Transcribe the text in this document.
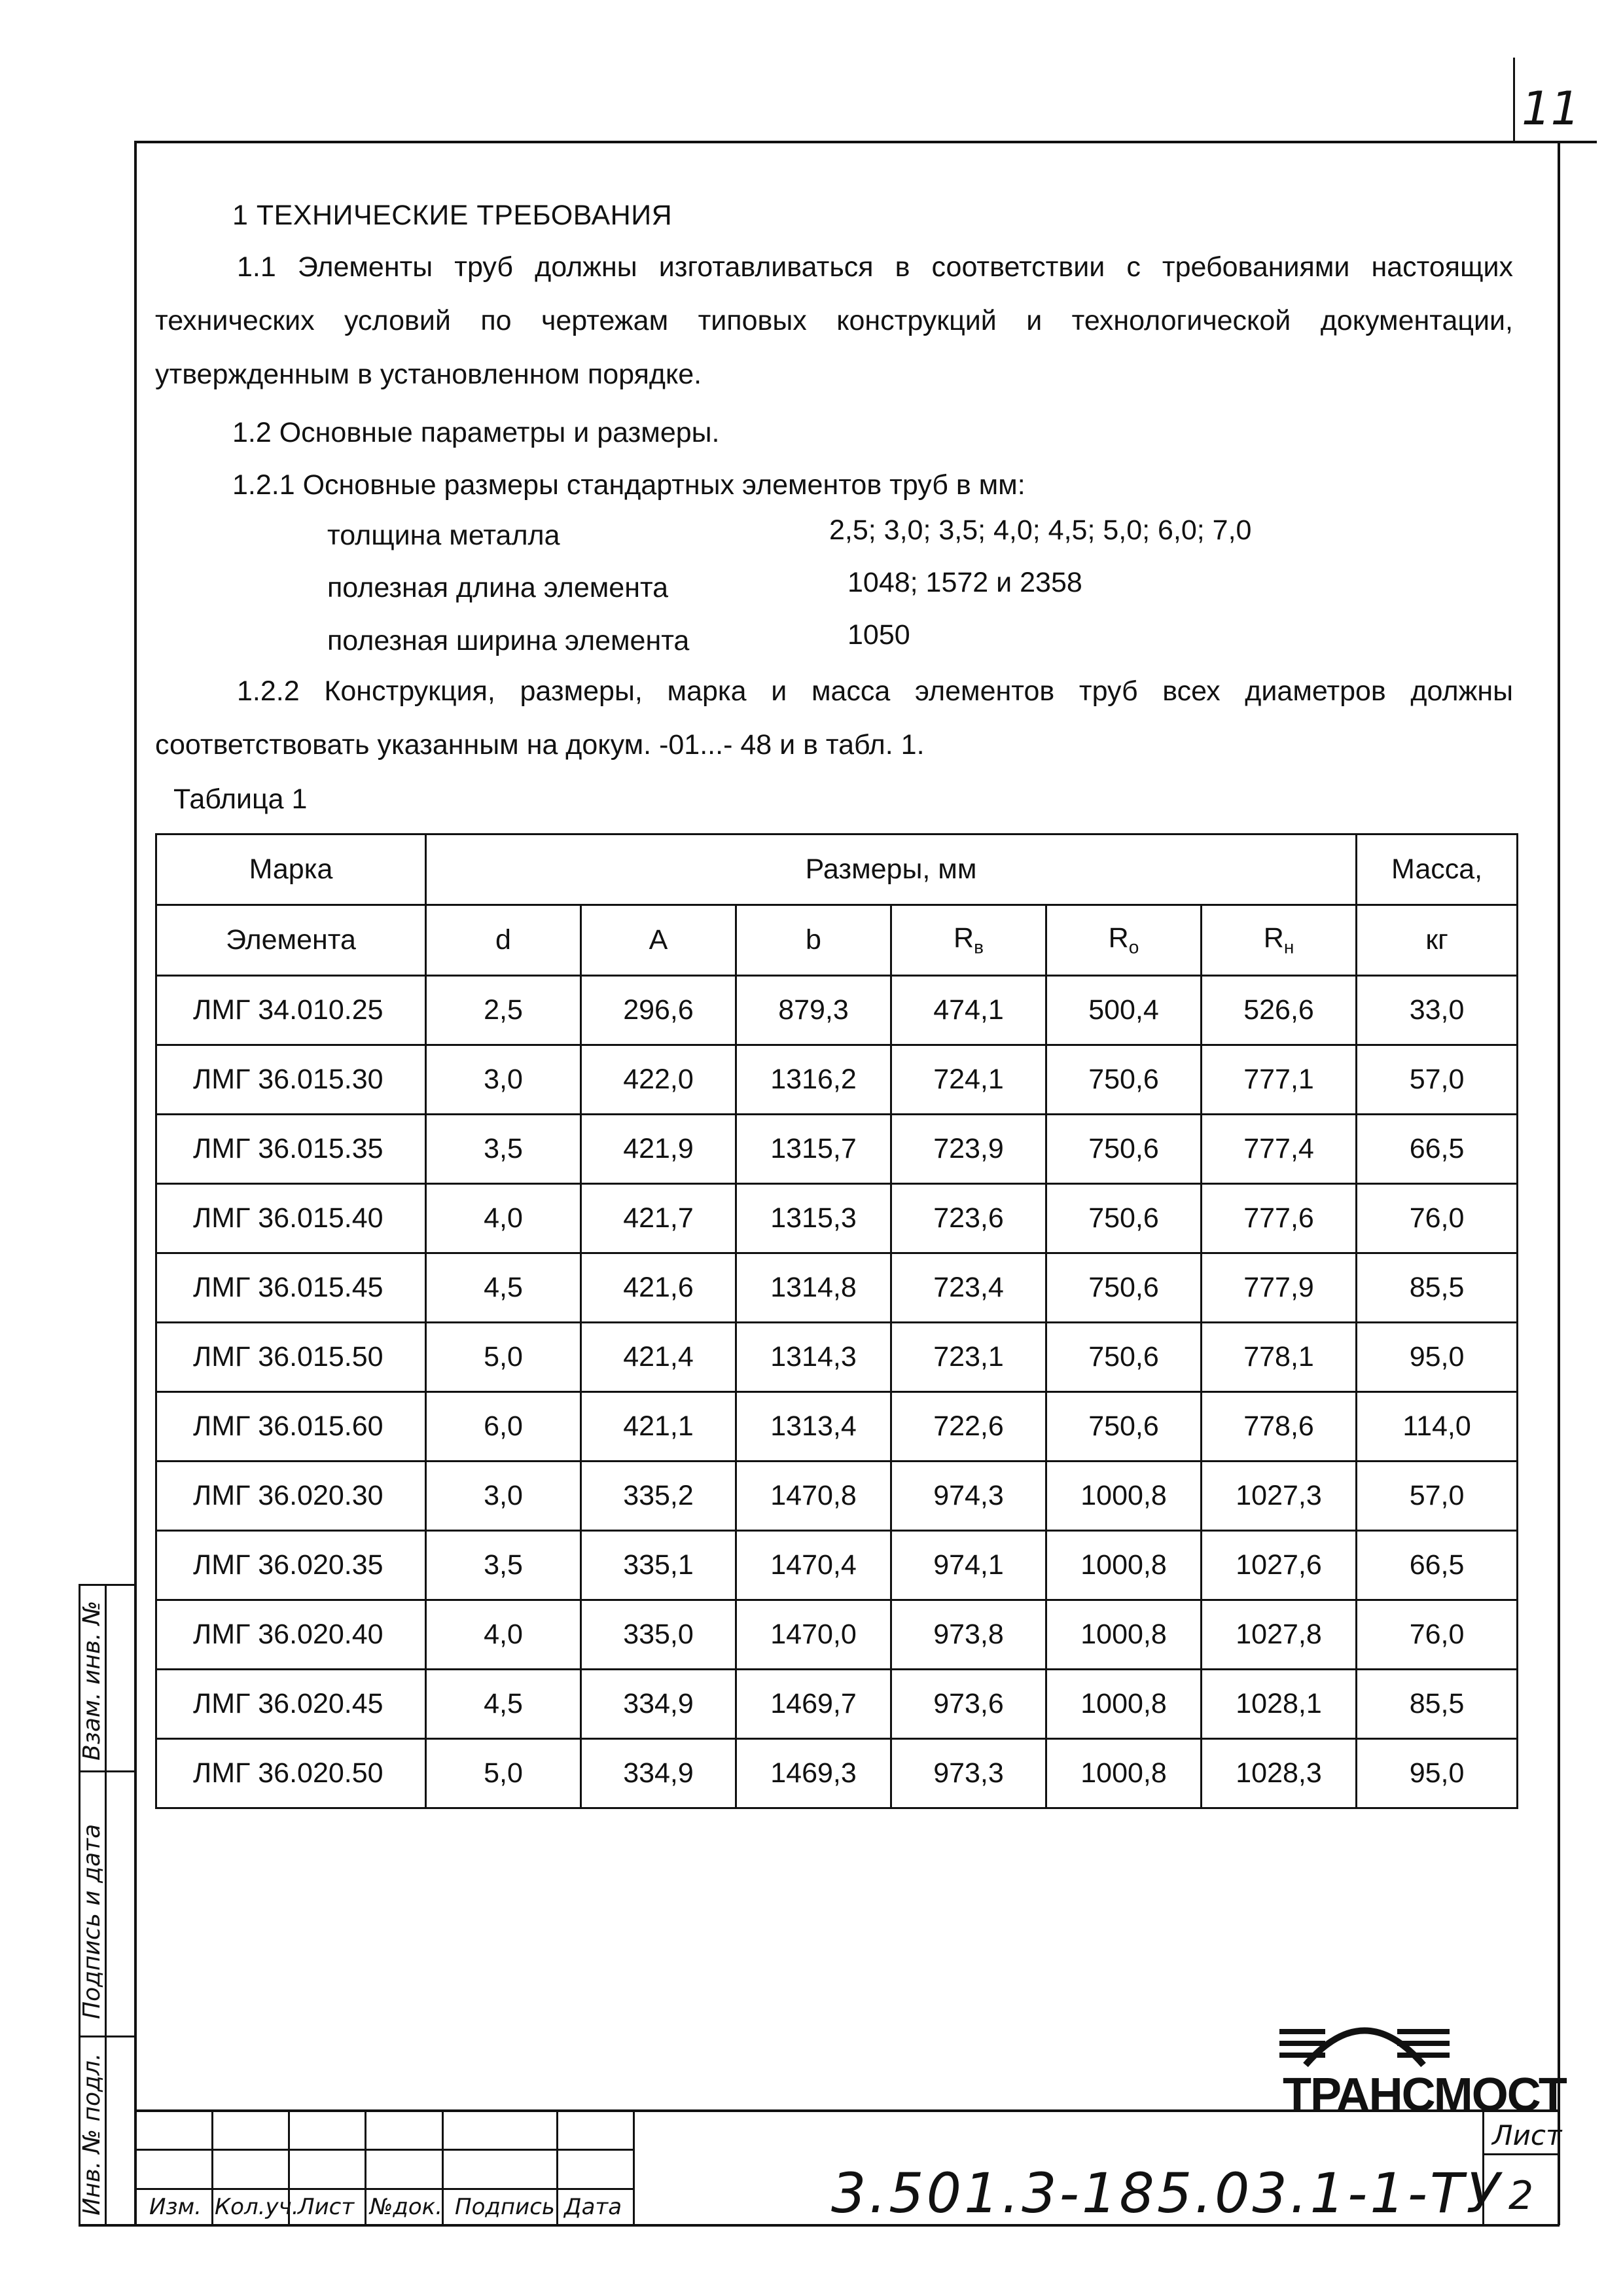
11
1 ТЕХНИЧЕСКИЕ ТРЕБОВАНИЯ
1.1 Элементы труб должны изготавливаться в соответствии с требованиями настоящих технических условий по чертежам типовых конструкций и технологической документации, утвержденным в установленном порядке.
1.2 Основные параметры и размеры.
1.2.1 Основные размеры стандартных элементов труб в мм:
толщина металла	2,5; 3,0; 3,5; 4,0; 4,5; 5,0; 6,0; 7,0
полезная длина элемента	1048; 1572 и 2358
полезная ширина элемента	1050
1.2.2 Конструкция, размеры, марка и масса элементов труб всех диаметров должны соответствовать указанным на докум. -01...- 48 и в табл. 1.
Таблица 1
Марка	Размеры, мм						Масса,
Элемента	d	А	b	$R_в$	$R_o$	$R_н$	кг
ЛМГ 34.010.25	2,5	296,6	879,3	474,1	500,4	526,6	33,0
ЛМГ 36.015.30	3,0	422,0	1316,2	724,1	750,6	777,1	57,0
ЛМГ 36.015.35	3,5	421,9	1315,7	723,9	750,6	777,4	66,5
ЛМГ 36.015.40	4,0	421,7	1315,3	723,6	750,6	777,6	76,0
ЛМГ 36.015.45	4,5	421,6	1314,8	723,4	750,6	777,9	85,5
ЛМГ 36.015.50	5,0	421,4	1314,3	723,1	750,6	778,1	95,0
ЛМГ 36.015.60	6,0	421,1	1313,4	722,6	750,6	778,6	114,0
ЛМГ 36.020.30	3,0	335,2	1470,8	974,3	1000,8	1027,3	57,0
ЛМГ 36.020.35	3,5	335,1	1470,4	974,1	1000,8	1027,6	66,5
ЛМГ 36.020.40	4,0	335,0	1470,0	973,8	1000,8	1027,8	76,0
ЛМГ 36.020.45	4,5	334,9	1469,7	973,6	1000,8	1028,1	85,5
ЛМГ 36.020.50	5,0	334,9	1469,3	973,3	1000,8	1028,3	95,0
Взам. инв. №
Подпись и дата
Инв. № подл. Изм. Кол.уч.
Лист №док. Подпись Дата	3.501.3-185.03.1-1-ТУ
Лист
2
ТРАНСМОСТ
